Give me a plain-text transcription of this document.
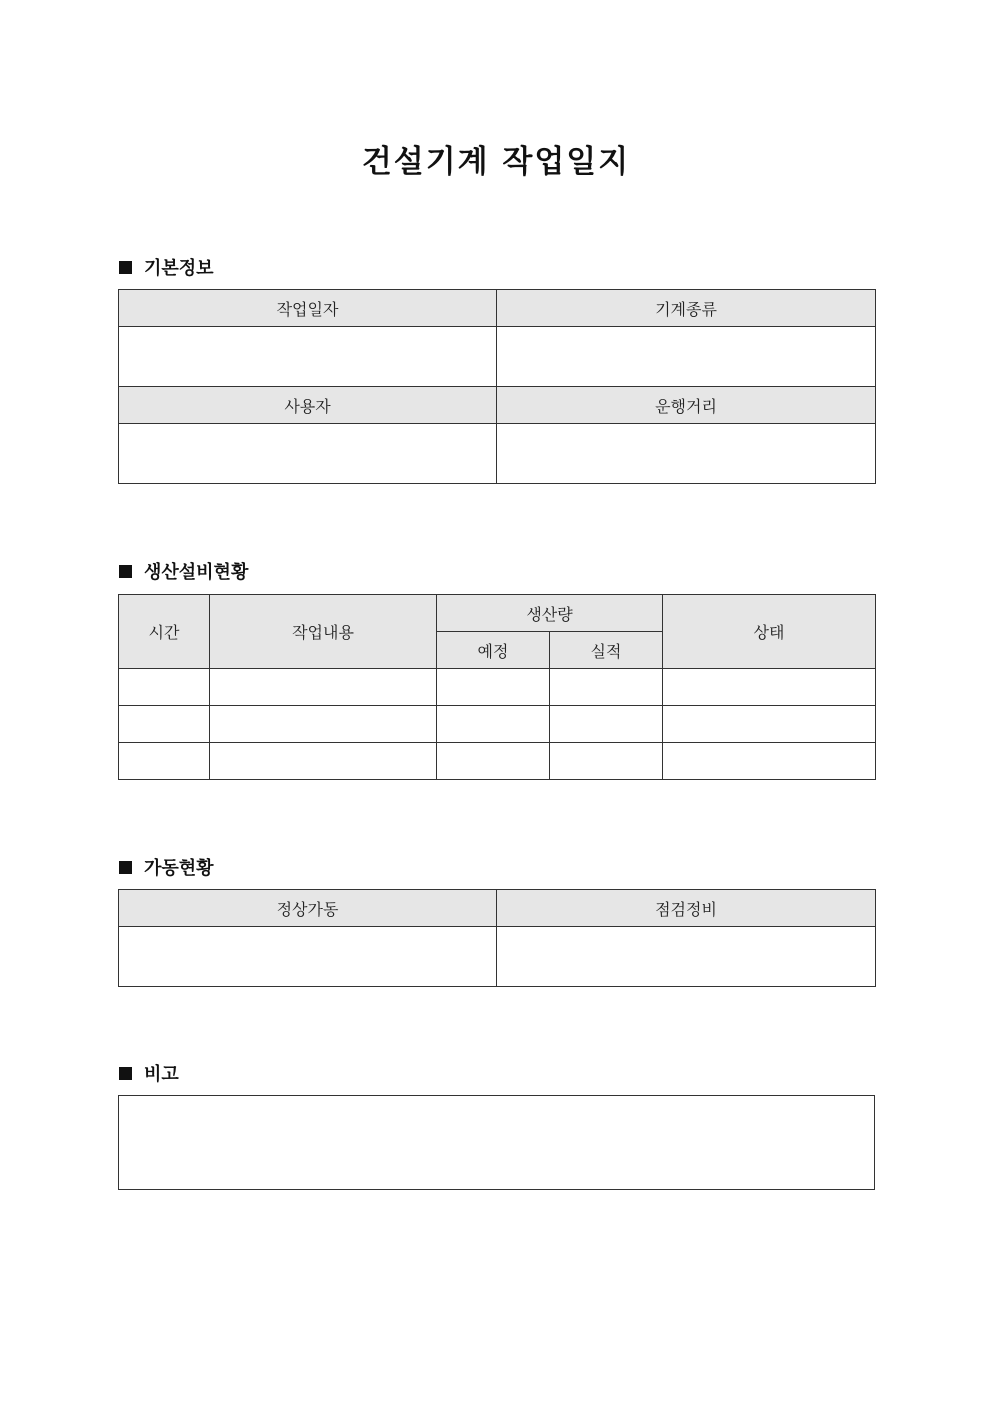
건설기계 작업일지
기본정보
작업일자	기계종류

사용자	운행거리

생산설비현황
시간	작업내용	생산량		상태
		예정	실적	

가동현황
정상가동	점검정비

비고
